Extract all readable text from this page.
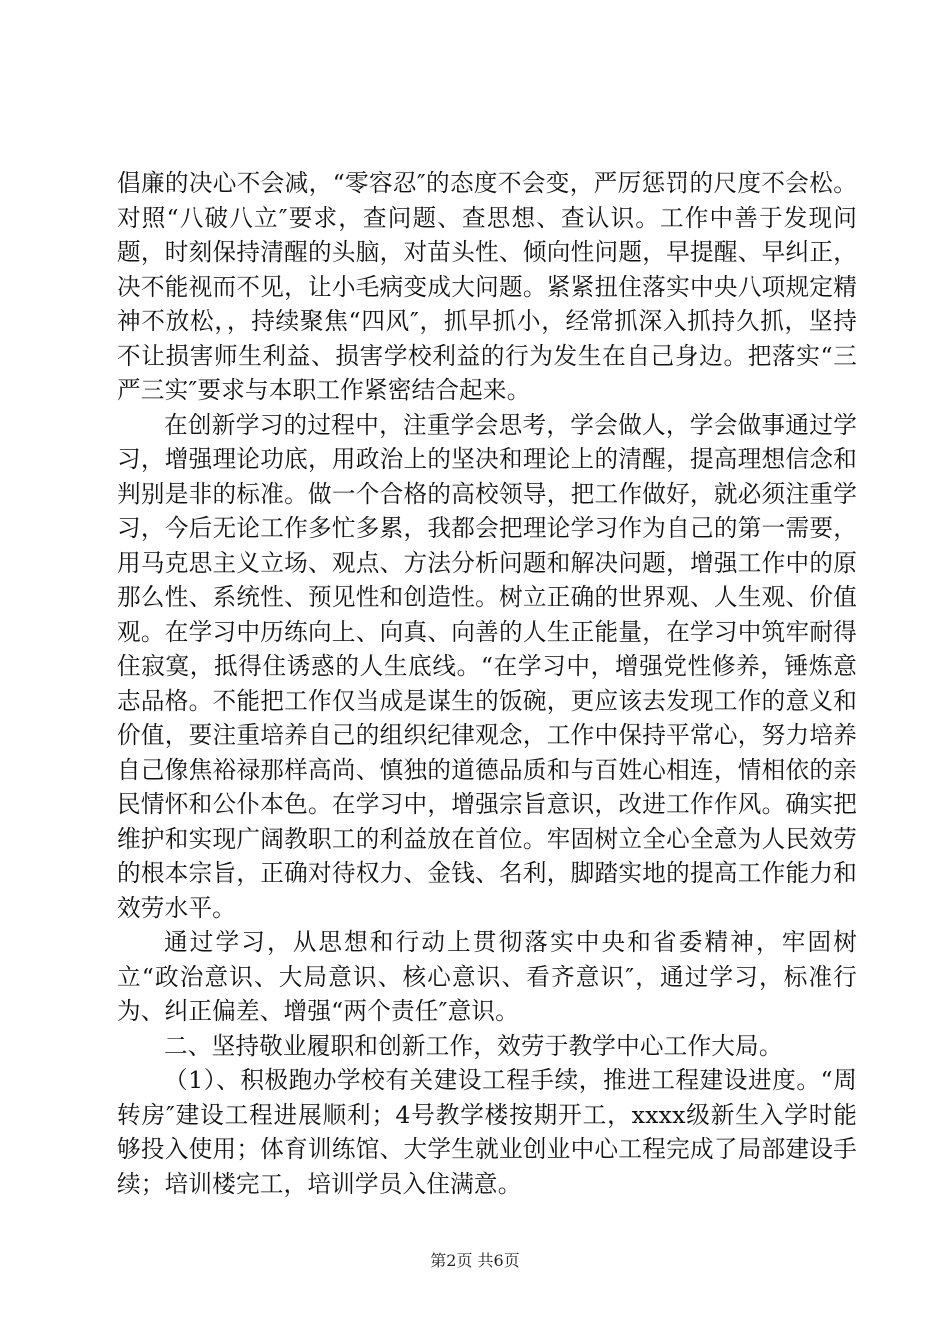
倡廉的决心不会减，“零容忍″的态度不会变，严厉惩罚的尺度不会松。对照“八破八立″要求，查问题、查思想、查认识。工作中善于发现问题，时刻保持清醒的头脑，对苗头性、倾向性问题，早提醒、早纠正，决不能视而不见，让小毛病变成大问题。紧紧扭住落实中央八项规定精神不放松，，持续聚焦“四风″，抓早抓小，经常抓深入抓持久抓，坚持不让损害师生利益、损害学校利益的行为发生在自己身边。把落实“三严三实″要求与本职工作紧密结合起来。

在创新学习的过程中，注重学会思考，学会做人，学会做事通过学习，增强理论功底，用政治上的坚决和理论上的清醒，提高理想信念和判别是非的标准。做一个合格的高校领导，把工作做好，就必须注重学习，今后无论工作多忙多累，我都会把理论学习作为自己的第一需要，用马克思主义立场、观点、方法分析问题和解决问题，增强工作中的原那么性、系统性、预见性和创造性。树立正确的世界观、人生观、价值观。在学习中历练向上、向真、向善的人生正能量，在学习中筑牢耐得住寂寞，抵得住诱惑的人生底线。“在学习中，增强党性修养，锤炼意志品格。不能把工作仅当成是谋生的饭碗，更应该去发现工作的意义和价值，要注重培养自己的组织纪律观念，工作中保持平常心，努力培养自己像焦裕禄那样高尚、慎独的道德品质和与百姓心相连，情相依的亲民情怀和公仆本色。在学习中，增强宗旨意识，改进工作作风。确实把维护和实现广阔教职工的利益放在首位。牢固树立全心全意为人民效劳的根本宗旨，正确对待权力、金钱、名利，脚踏实地的提高工作能力和效劳水平。

通过学习，从思想和行动上贯彻落实中央和省委精神，牢固树立“政治意识、大局意识、核心意识、看齐意识″，通过学习，标准行为、纠正偏差、增强“两个责任″意识。

二、坚持敬业履职和创新工作，效劳于教学中心工作大局。

（1）、积极跑办学校有关建设工程手续，推进工程建设进度。“周转房″建设工程进展顺利；4号教学楼按期开工，xxxx级新生入学时能够投入使用；体育训练馆、大学生就业创业中心工程完成了局部建设手续；培训楼完工，培训学员入住满意。

第2页 共6页
